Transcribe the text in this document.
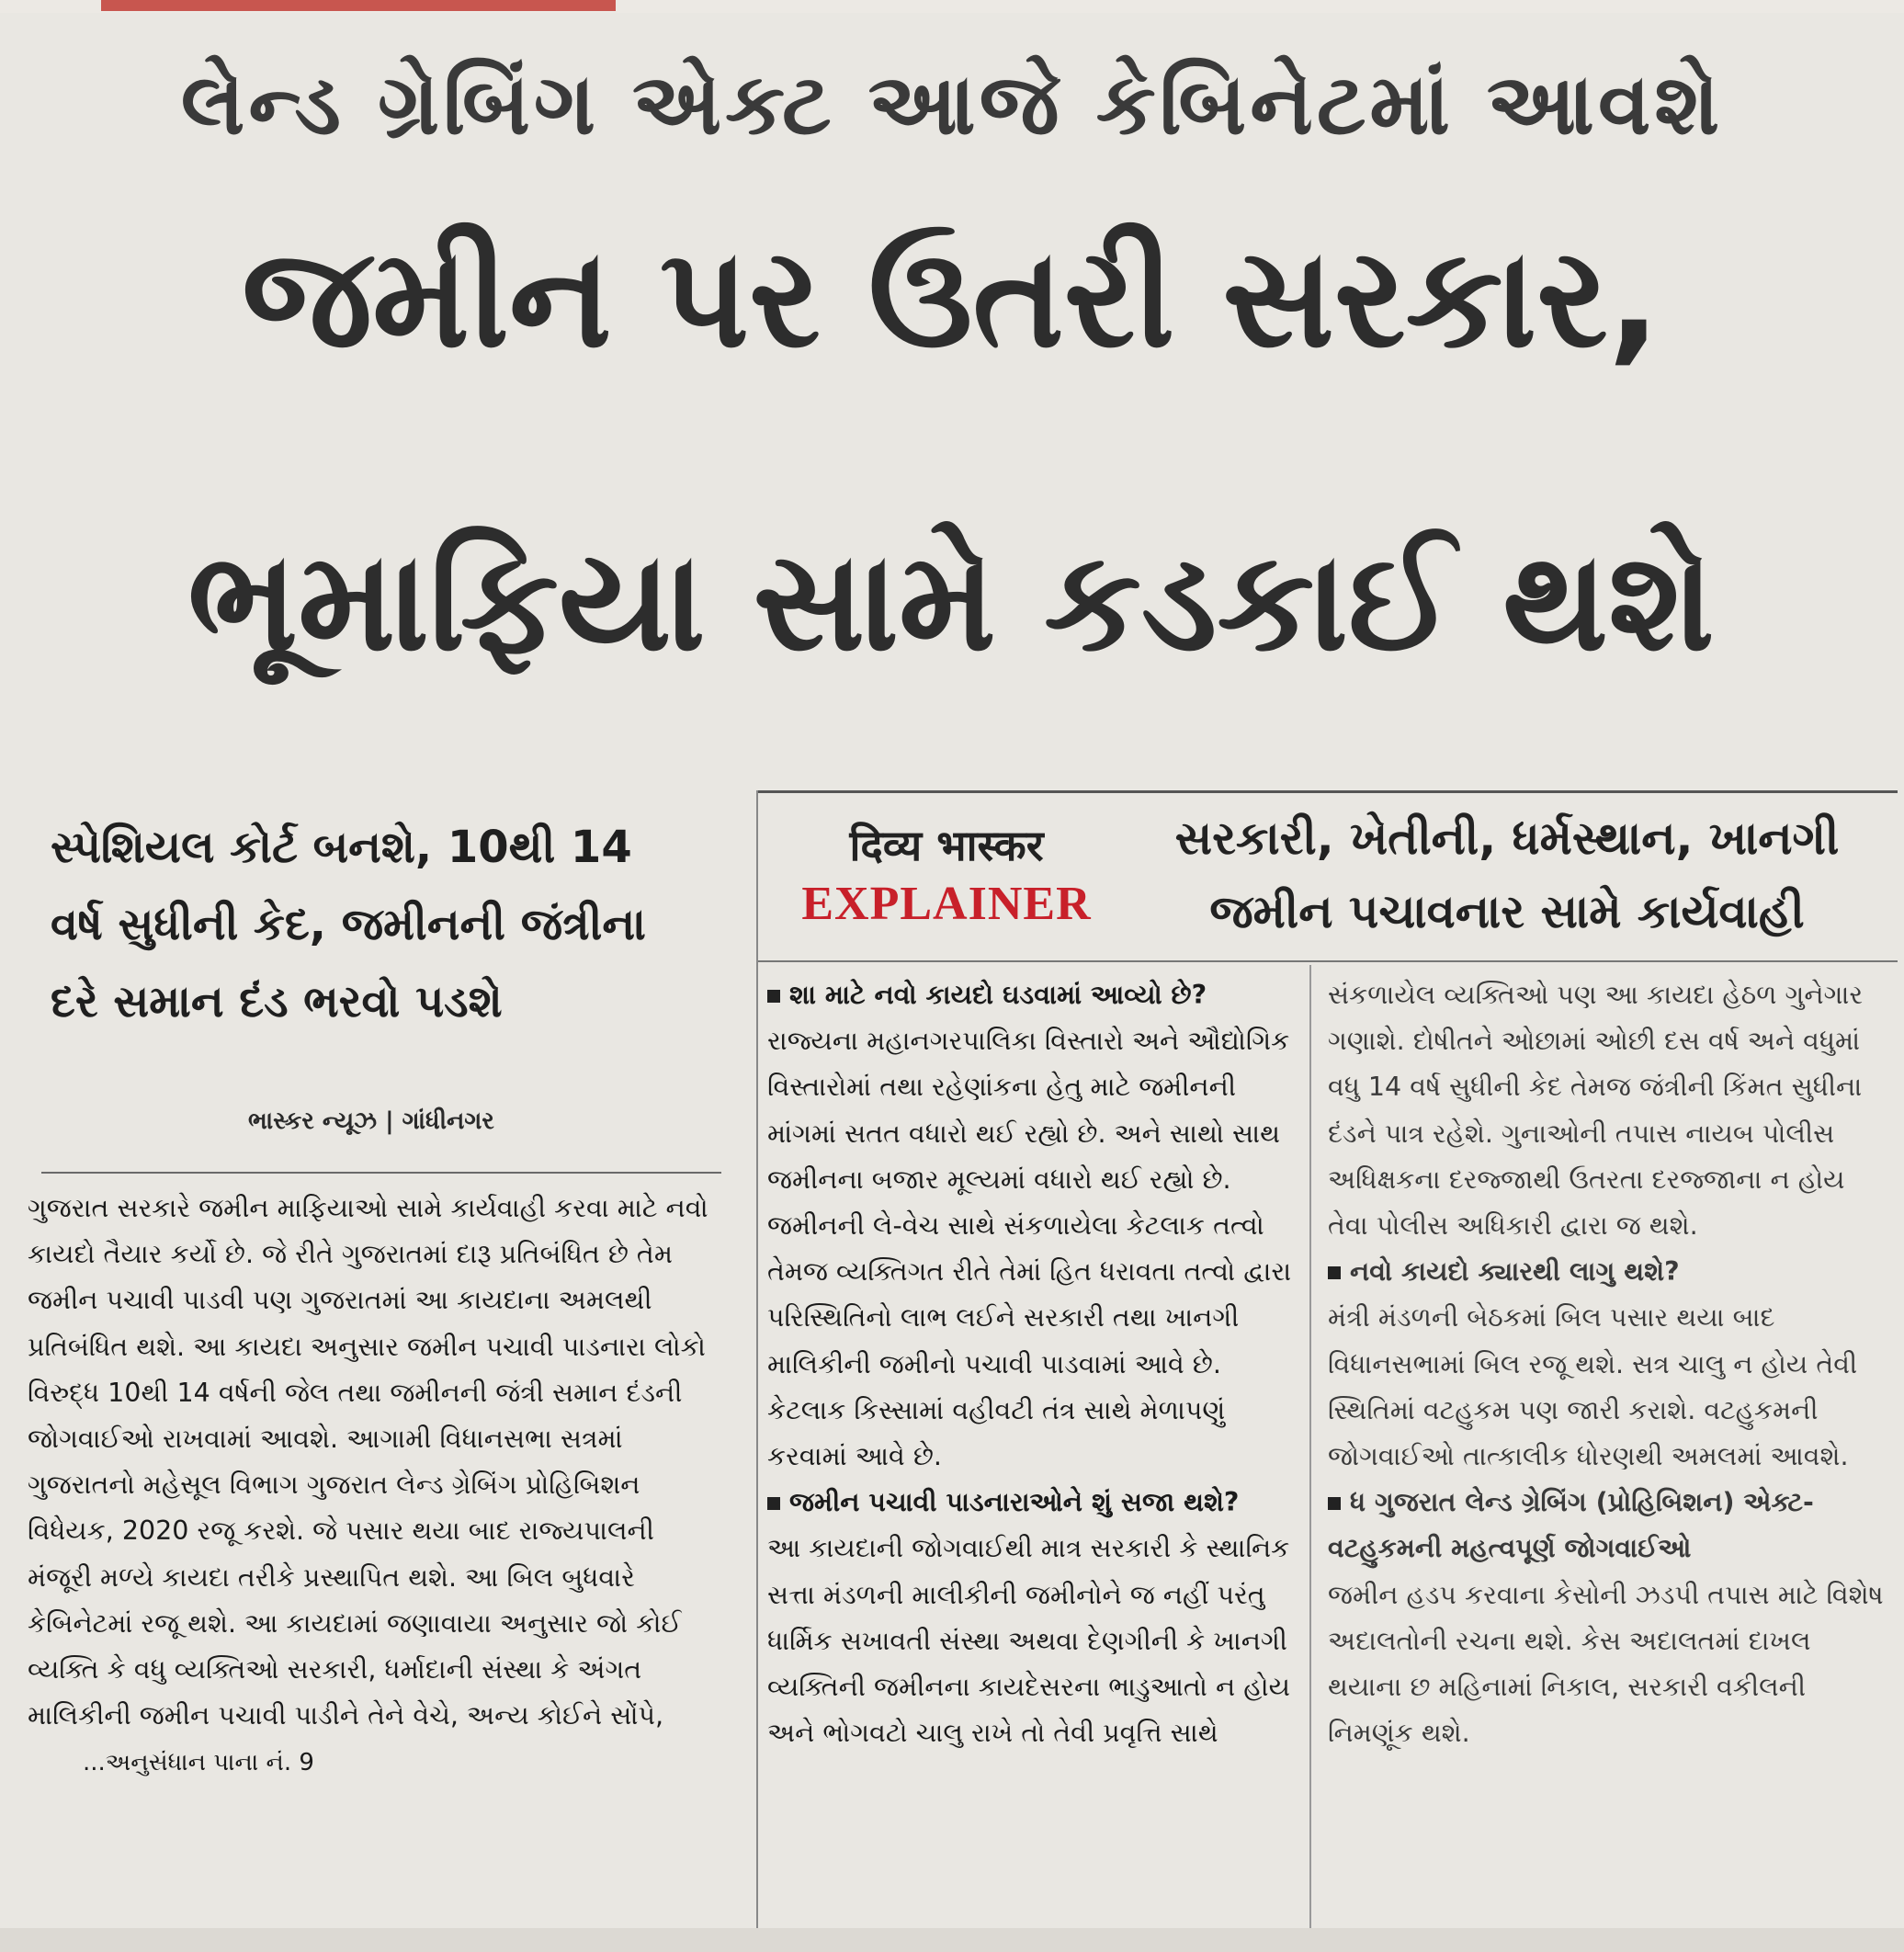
લેન્ડ ગ્રેબિંગ એક્ટ આજે કેબિનેટમાં આવશે
જમીન પર ઉતરી સરકાર,
ભૂમાફિયા સામે કડકાઈ થશે
સ્પેશિયલ કોર્ટ બનશે, 10થી 14
વર્ષ સુધીની કેદ, જમીનની જંત્રીના
દરે સમાન દંડ ભરવો પડશે
ભાસ્કર ન્યૂઝ | ગાંધીનગર
दिव्य भास्कर
EXPLAINER
સરકારી, ખેતીની, ધર્મસ્થાન, ખાનગી
જમીન પચાવનાર સામે કાર્યવાહી

ગુજરાત સરકારે જમીન માફિયાઓ સામે કાર્યવાહી કરવા માટે નવો કાયદો તૈયાર કર્યો છે. જે રીતે ગુજરાતમાં દારૂ પ્રતિબંધિત છે તેમ જમીન પચાવી પાડવી પણ ગુજરાતમાં આ કાયદાના અમલથી પ્રતિબંધિત થશે. આ કાયદા અનુસાર જમીન પચાવી પાડનારા લોકો વિરુદ્ધ 10થી 14 વર્ષની જેલ તથા જમીનની જંત્રી સમાન દંડની જોગવાઈઓ રાખવામાં આવશે. આગામી વિધાનસભા સત્રમાં ગુજરાતનો મહેસૂલ વિભાગ ગુજરાત લેન્ડ ગ્રેબિંગ પ્રોહિબિશન વિધેયક, 2020 રજૂ કરશે. જે પસાર થયા બાદ રાજ્યપાલની મંજૂરી મળ્યે કાયદા તરીકે પ્રસ્થાપિત થશે. આ બિલ બુધવારે કેબિનેટમાં રજૂ થશે. આ કાયદામાં જણાવાયા અનુસાર જો કોઈ વ્યક્તિ કે વધુ વ્યક્તિઓ સરકારી, ધર્માદાની સંસ્થા કે અંગત માલિકીની જમીન પચાવી પાડીને તેને વેચે, અન્ય કોઈને સોંપે, ...અનુસંધાન પાના નં. 9

શા માટે નવો કાયદો ઘડવામાં આવ્યો છે?

રાજ્યના મહાનગરપાલિકા વિસ્તારો અને ઔદ્યોગિક વિસ્તારોમાં તથા રહેણાંકના હેતુ માટે જમીનની માંગમાં સતત વધારો થઈ રહ્યો છે. અને સાથો સાથ જમીનના બજાર મૂલ્યમાં વધારો થઈ રહ્યો છે. જમીનની લે-વેચ સાથે સંકળાયેલા કેટલાક તત્વો તેમજ વ્યક્તિગત રીતે તેમાં હિત ધરાવતા તત્વો દ્વારા પરિસ્થિતિનો લાભ લઈને સરકારી તથા ખાનગી માલિકીની જમીનો પચાવી પાડવામાં આવે છે. કેટલાક કિસ્સામાં વહીવટી તંત્ર સાથે મેળાપણું કરવામાં આવે છે.

જમીન પચાવી પાડનારાઓને શું સજા થશે?

આ કાયદાની જોગવાઈથી માત્ર સરકારી કે સ્થાનિક સત્તા મંડળની માલીકીની જમીનોને જ નહીં પરંતુ ધાર્મિક સખાવતી સંસ્થા અથવા દેણગીની કે ખાનગી વ્યક્તિની જમીનના કાયદેસરના ભાડુઆતો ન હોય અને ભોગવટો ચાલુ રાખે તો તેવી પ્રવૃત્તિ સાથે

સંકળાયેલ વ્યક્તિઓ પણ આ કાયદા હેઠળ ગુનેગાર ગણાશે. દોષીતને ઓછામાં ઓછી દસ વર્ષ અને વધુમાં વધુ 14 વર્ષ સુધીની કેદ તેમજ જંત્રીની કિંમત સુધીના દંડને પાત્ર રહેશે. ગુનાઓની તપાસ નાયબ પોલીસ અધિક્ષકના દરજ્જાથી ઉતરતા દરજ્જાના ન હોય તેવા પોલીસ અધિકારી દ્વારા જ થશે.

નવો કાયદો ક્યારથી લાગુ થશે?

મંત્રી મંડળની બેઠકમાં બિલ પસાર થયા બાદ વિધાનસભામાં બિલ રજૂ થશે. સત્ર ચાલુ ન હોય તેવી સ્થિતિમાં વટહુકમ પણ જારી કરાશે. વટહુકમની જોગવાઈઓ તાત્કાલીક ધોરણથી અમલમાં આવશે.

ધ ગુજરાત લેન્ડ ગ્રેબિંગ (પ્રોહિબિશન) એક્ટ-વટહુકમની મહત્વપૂર્ણ જોગવાઈઓ

જમીન હડપ કરવાના કેસોની ઝડપી તપાસ માટે વિશેષ અદાલતોની રચના થશે. કેસ અદાલતમાં દાખલ થયાના છ મહિનામાં નિકાલ, સરકારી વકીલની નિમણૂંક થશે.
